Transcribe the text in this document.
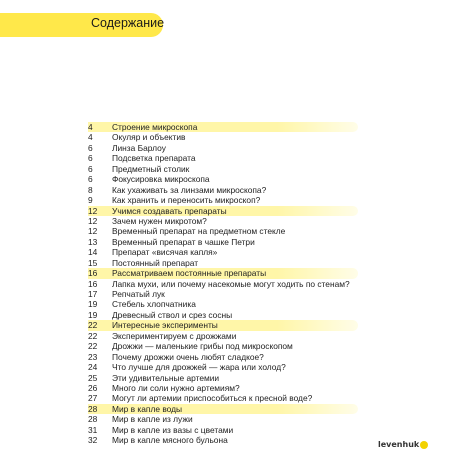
Содержание
4	Строение микроскопа
4	Окуляр и объектив
6	Линза Барлоу
6	Подсветка препарата
6	Предметный столик
6	Фокусировка микроскопа
8	Как ухаживать за линзами микроскопа?
9	Как хранить и переносить микроскоп?
12	Учимся создавать препараты
12	Зачем нужен микротом?
12	Временный препарат на предметном стекле
13	Временный препарат в чашке Петри
14	Препарат «висячая капля»
15	Постоянный препарат
16	Рассматриваем постоянные препараты
16	Лапка мухи, или почему насекомые могут ходить по стенам?
17	Репчатый лук
19	Стебель хлопчатника
19	Древесный ствол и срез сосны
22	Интересные эксперименты
22	Экспериментируем с дрожжами
22	Дрожжи — маленькие грибы под микроскопом
23	Почему дрожжи очень любят сладкое?
24	Что лучше для дрожжей — жара или холод?
25	Эти удивительные артемии
26	Много ли соли нужно артемиям?
27	Могут ли артемии приспособиться к пресной воде?
28	Мир в капле воды
28	Мир в капле из лужи
31	Мир в капле из вазы с цветами
32	Мир в капле мясного бульона	levenhuk
